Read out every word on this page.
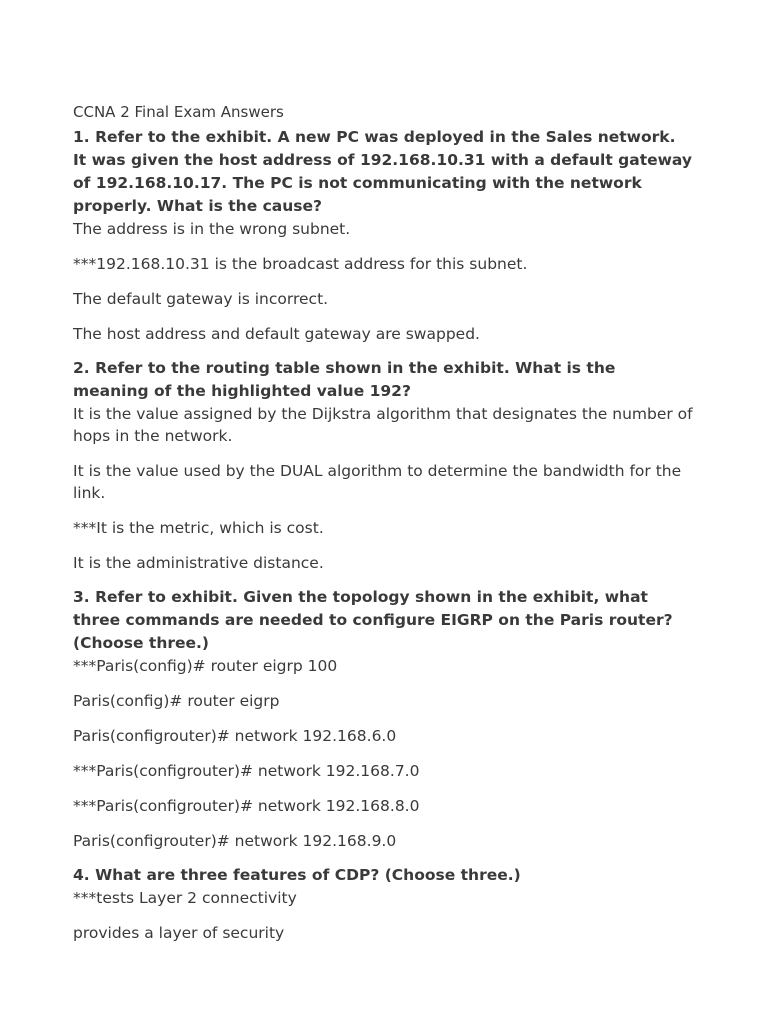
CCNA 2 Final Exam Answers

1. Refer to the exhibit. A new PC was deployed in the Sales network. It was given the host address of 192.168.10.31 with a default gateway of 192.168.10.17. The PC is not communicating with the network properly. What is the cause?

The address is in the wrong subnet.

***192.168.10.31 is the broadcast address for this subnet.

The default gateway is incorrect.

The host address and default gateway are swapped.

2. Refer to the routing table shown in the exhibit. What is the meaning of the highlighted value 192?

It is the value assigned by the Dijkstra algorithm that designates the number of hops in the network.

It is the value used by the DUAL algorithm to determine the bandwidth for the link.

***It is the metric, which is cost.

It is the administrative distance.

3. Refer to exhibit. Given the topology shown in the exhibit, what three commands are needed to configure EIGRP on the Paris router? (Choose three.)

***Paris(config)# router eigrp 100

Paris(config)# router eigrp

Paris(configrouter)# network 192.168.6.0

***Paris(configrouter)# network 192.168.7.0

***Paris(configrouter)# network 192.168.8.0

Paris(configrouter)# network 192.168.9.0

4. What are three features of CDP? (Choose three.)

***tests Layer 2 connectivity

provides a layer of security
